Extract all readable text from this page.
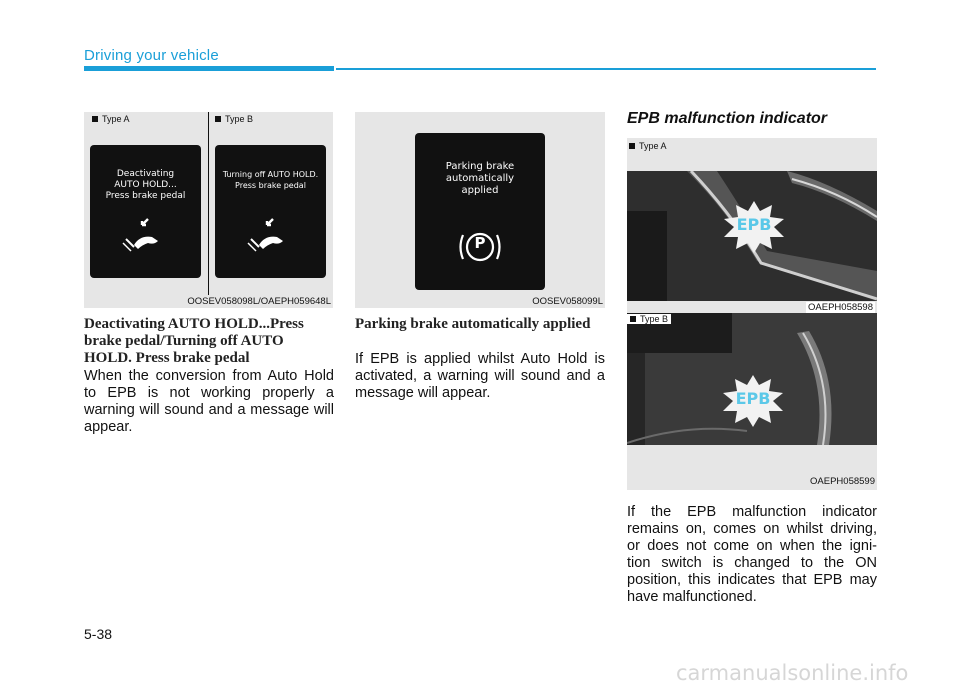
Driving your vehicle
Type A	Type B
Deactivating
AUTO HOLD...
Press brake pedal
Turning off AUTO HOLD.
Press brake pedal
OOSEV058098L/OAEPH059648L
Parking brake
automatically
applied
P
OOSEV058099L
Deactivating AUTO HOLD...Press brake pedal/Turning off AUTO HOLD. Press brake pedal
When the conversion from Auto Hold to EPB is not working properly a warning will sound and a message will appear.
Parking brake automatically applied
If EPB is applied whilst Auto Hold is activated, a warning will sound and a message will appear.
EPB malfunction indicator
Type A
EPB
OAEPH058598
EPB
Type B
OAEPH058599
If the EPB malfunction indicator remains on, comes on whilst driving, or does not come on when the igni- tion switch is changed to the ON position, this indicates that EPB may have malfunctioned.
5-38
carmanualsonline.info
